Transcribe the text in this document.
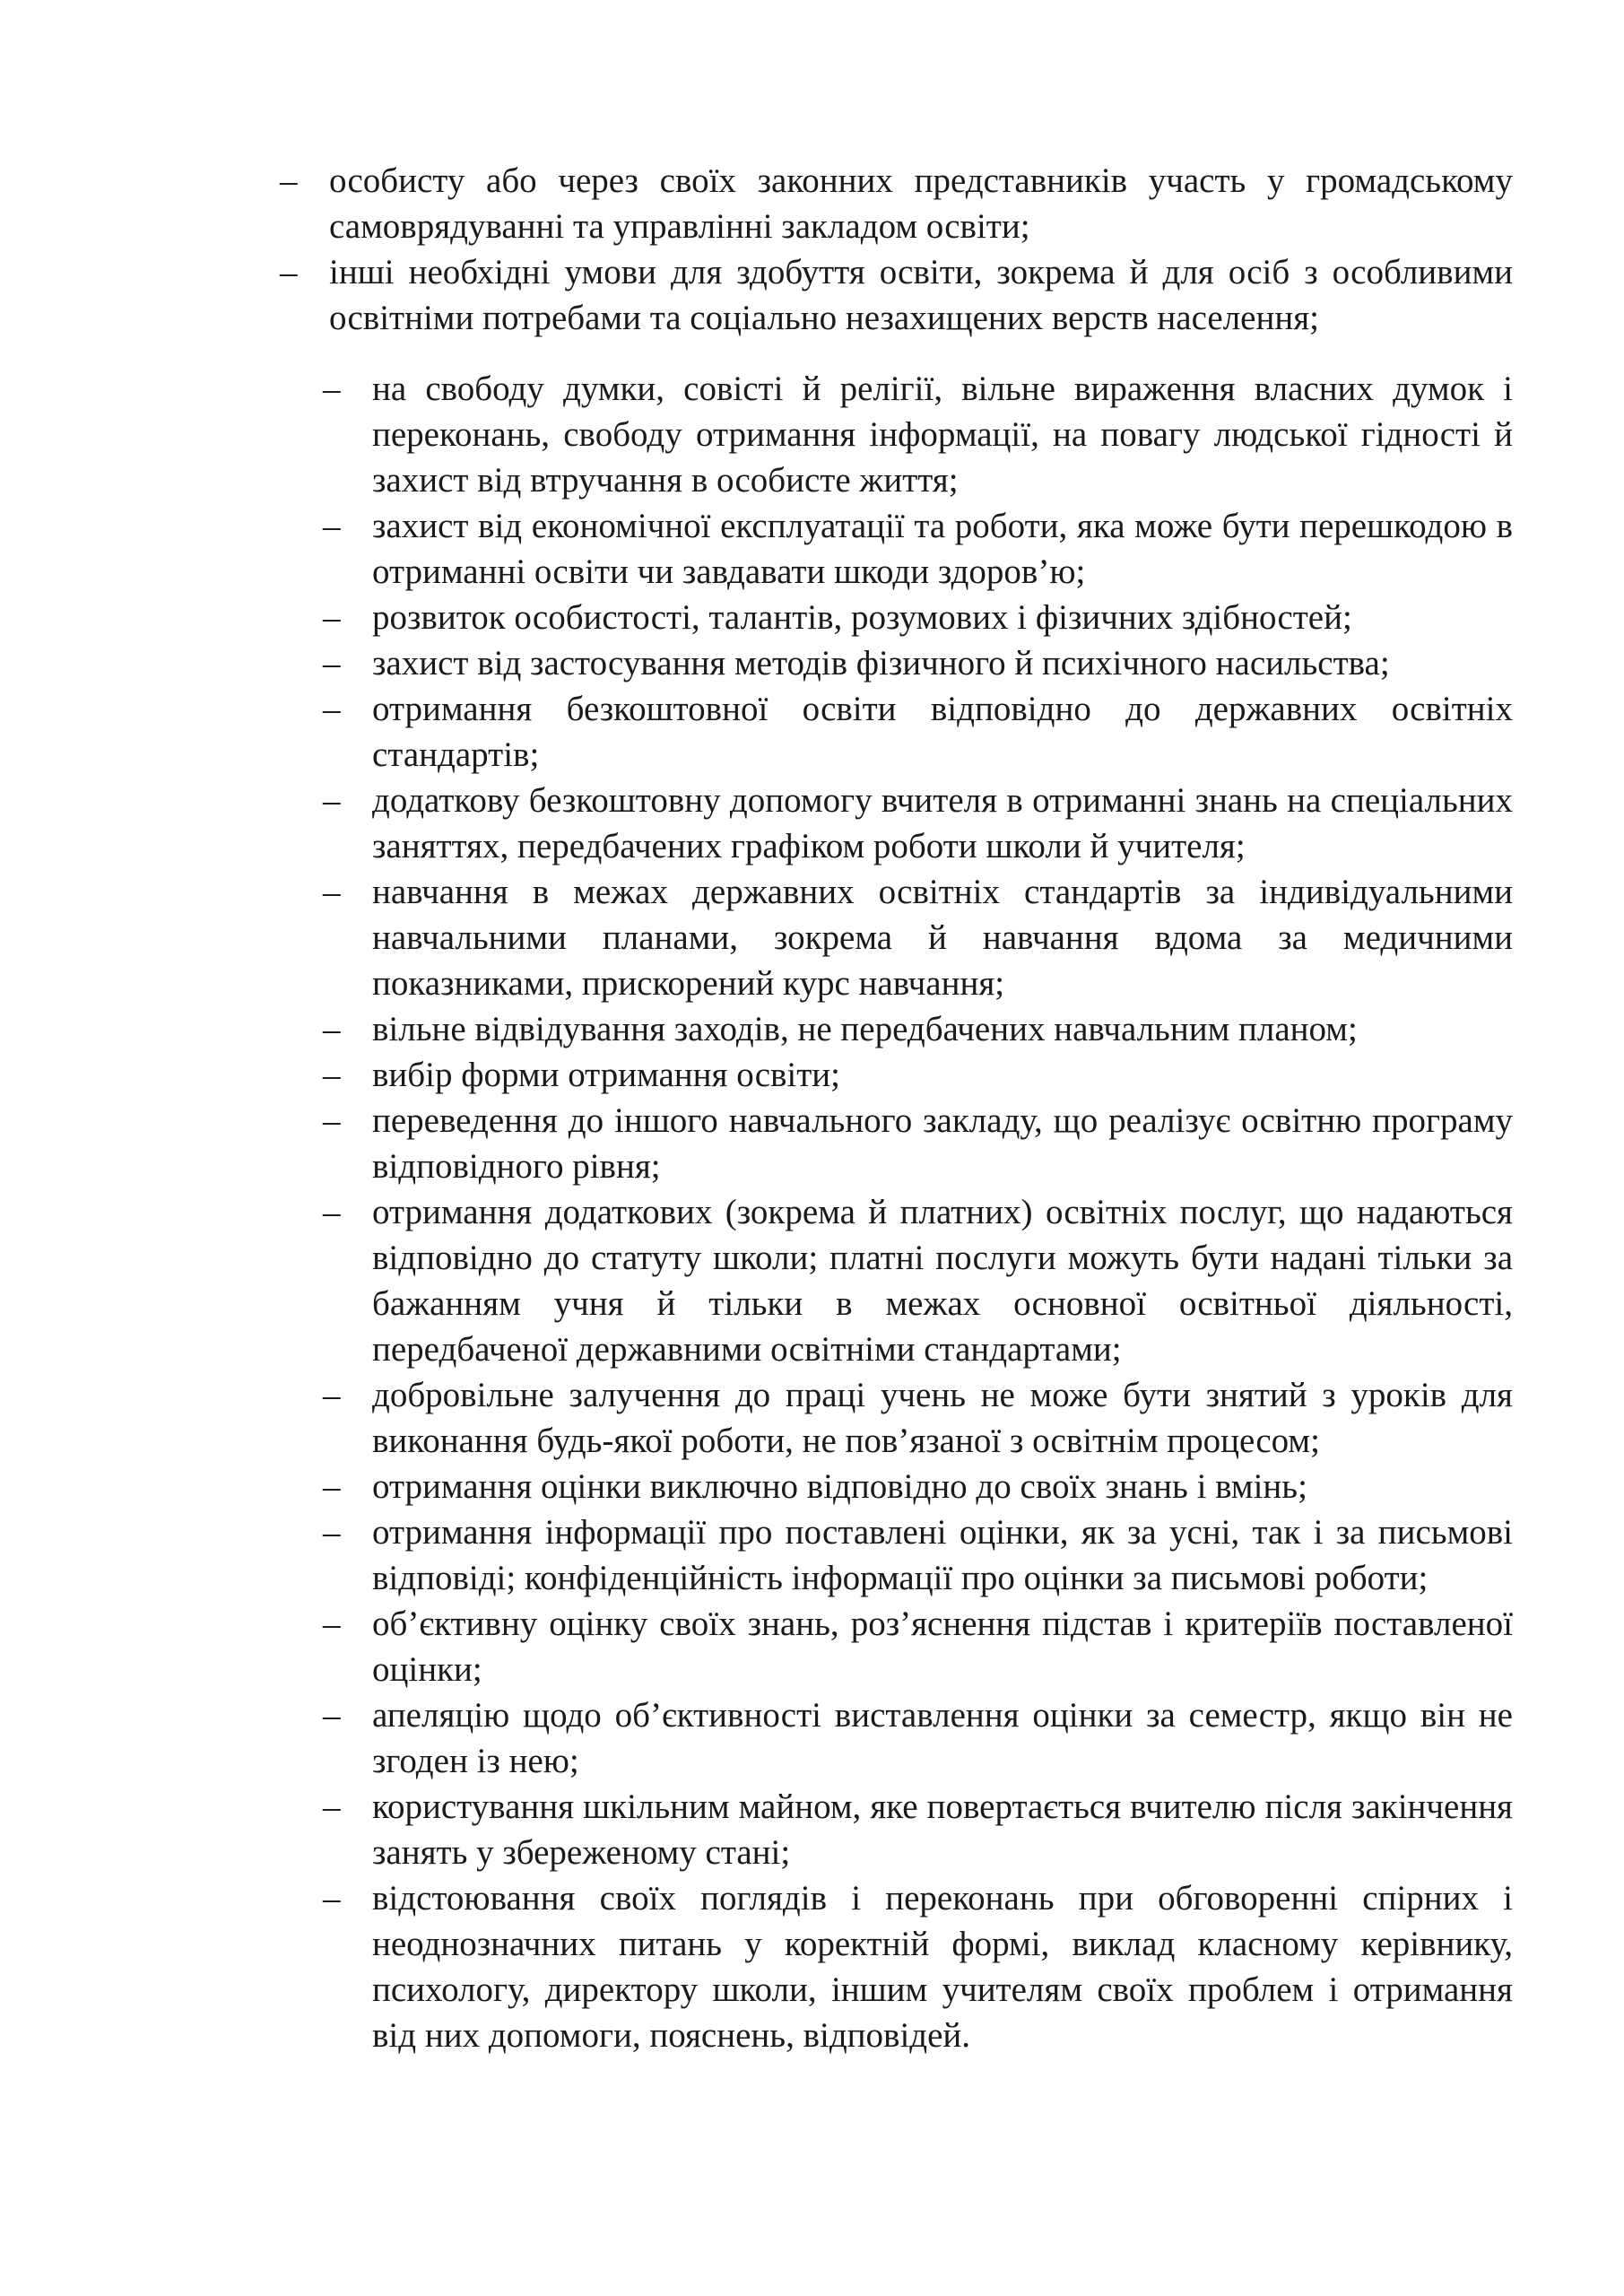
– особисту або через своїх законних представників участь у громадському самоврядуванні та управлінні закладом освіти;
– інші необхідні умови для здобуття освіти, зокрема й для осіб з особливими освітніми потребами та соціально незахищених верств населення;
– на свободу думки, совісті й релігії, вільне вираження власних думок і переконань, свободу отримання інформації, на повагу людської гідності й захист від втручання в особисте життя;
– захист від економічної експлуатації та роботи, яка може бути перешкодою в отриманні освіти чи завдавати шкоди здоров’ю;
– розвиток особистості, талантів, розумових і фізичних здібностей;
– захист від застосування методів фізичного й психічного насильства;
– отримання безкоштовної освіти відповідно до державних освітніх стандартів;
– додаткову безкоштовну допомогу вчителя в отриманні знань на спеціальних заняттях, передбачених графіком роботи школи й учителя;
– навчання в межах державних освітніх стандартів за індивідуальними навчальними планами, зокрема й навчання вдома за медичними показниками, прискорений курс навчання;
– вільне відвідування заходів, не передбачених навчальним планом;
– вибір форми отримання освіти;
– переведення до іншого навчального закладу, що реалізує освітню програму відповідного рівня;
– отримання додаткових (зокрема й платних) освітніх послуг, що надаються відповідно до статуту школи; платні послуги можуть бути надані тільки за бажанням учня й тільки в межах основної освітньої діяльності, передбаченої державними освітніми стандартами;
– добровільне залучення до праці учень не може бути знятий з уроків для виконання будь-якої роботи, не пов’язаної з освітнім процесом;
– отримання оцінки виключно відповідно до своїх знань і вмінь;
– отримання інформації про поставлені оцінки, як за усні, так і за письмові відповіді; конфіденційність інформації про оцінки за письмові роботи;
– об’єктивну оцінку своїх знань, роз’яснення підстав і критеріїв поставленої оцінки;
– апеляцію щодо об’єктивності виставлення оцінки за семестр, якщо він не згоден із нею;
– користування шкільним майном, яке повертається вчителю після закінчення занять у збереженому стані;
– відстоювання своїх поглядів і переконань при обговоренні спірних і неоднозначних питань у коректній формі, виклад класному керівнику, психологу, директору школи, іншим учителям своїх проблем і отримання від них допомоги, пояснень, відповідей.
